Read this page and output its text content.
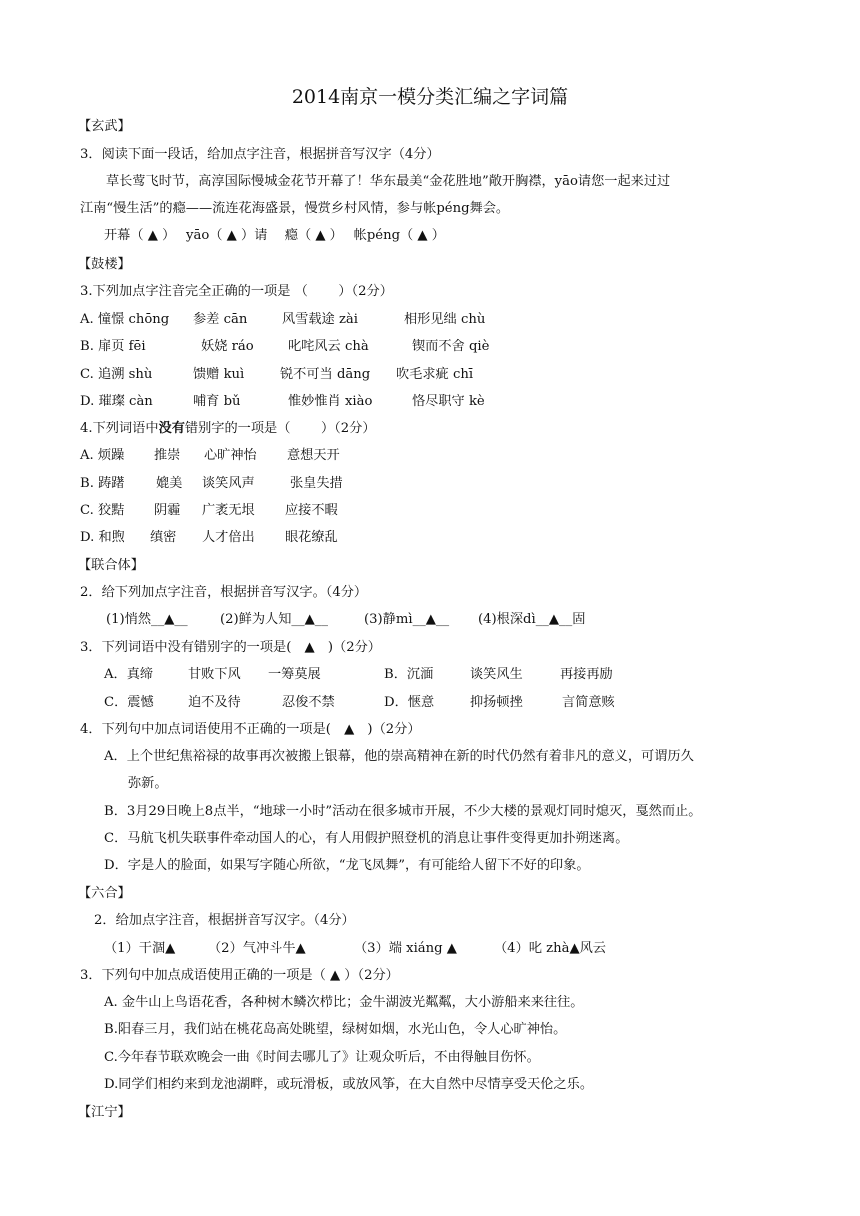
2014南京一模分类汇编之字词篇
【玄武】
3．阅读下面一段话，给加点字注音，根据拼音写汉字（4分）
草长莺飞时节，高淳国际慢城金花节开幕了！华东最美“金花胜地”敞开胸襟，yāo请您一起来过过
江南“慢生活”的瘾——流连花海盛景，慢赏乡村风情，参与帐péng舞会。
开幕（ ▲ ）　 yāo（ ▲ ）请　 瘾（ ▲ ）　 帐péng（ ▲ ）
【鼓楼】
3.下列加点字注音完全正确的一项是 （　　 ）（2分）
A. 憧憬 chōng 参差 cān	风雪载途 zài	相形见绌 chù
B. 扉页 fēi	妖娆 ráo	叱咤风云 chà	锲而不舍 qiè
C. 追溯 shù	馈赠 kuì	锐不可当 dāng 吹毛求疵 chī
D. 璀璨 càn	哺育 bǔ	惟妙惟肖 xiào	恪尽职守 kè
4.下列词语中没有错别字的一项是（　　 ）（2分）
A. 烦躁 推崇 心旷神怡 意想天开
B. 踌躇 媲美 谈笑风声	张皇失措
C. 狡黠 阴霾 广袤无垠 应接不暇
D. 和煦 缜密 人才倍出 眼花缭乱
【联合体】
2．给下列加点字注音，根据拼音写汉字。（4分）
(1)悄然__▲__ (2)鲜为人知__▲__	(3)静mì__▲__ (4)根深dì__▲__固
3．下列词语中没有错别字的一项是(　▲　)（2分）
A．真缔	甘败下风 一筹莫展	B．沉湎	谈笑风生	再接再励
C．震憾	迫不及待	忍俊不禁	D．惬意	抑扬顿挫	言简意赅
4．下列句中加点词语使用不正确的一项是(　▲　)（2分）
A．上个世纪焦裕禄的故事再次被搬上银幕，他的崇高精神在新的时代仍然有着非凡的意义，可谓历久
弥新。
B．3月29日晚上8点半，“地球一小时”活动在很多城市开展，不少大楼的景观灯同时熄灭，戛然而止。
C．马航飞机失联事件牵动国人的心，有人用假护照登机的消息让事件变得更加扑朔迷离。
D．字是人的脸面，如果写字随心所欲，“龙飞凤舞”，有可能给人留下不好的印象。
【六合】
2．给加点字注音，根据拼音写汉字。（4分）
（1）干涸▲ （2）气冲斗牛▲	（3）端 xiáng ▲	（4）叱 zhà▲风云
3．下列句中加点成语使用正确的一项是（ ▲ ）（2分）
A. 金牛山上鸟语花香，各种树木鳞次栉比；金牛湖波光粼粼，大小游船来来往往。
B.阳春三月，我们站在桃花岛高处眺望，绿树如烟，水光山色，令人心旷神怡。
C.今年春节联欢晚会一曲《时间去哪儿了》让观众听后，不由得触目伤怀。
D.同学们相约来到龙池湖畔，或玩滑板，或放风筝，在大自然中尽情享受天伦之乐。
【江宁】
